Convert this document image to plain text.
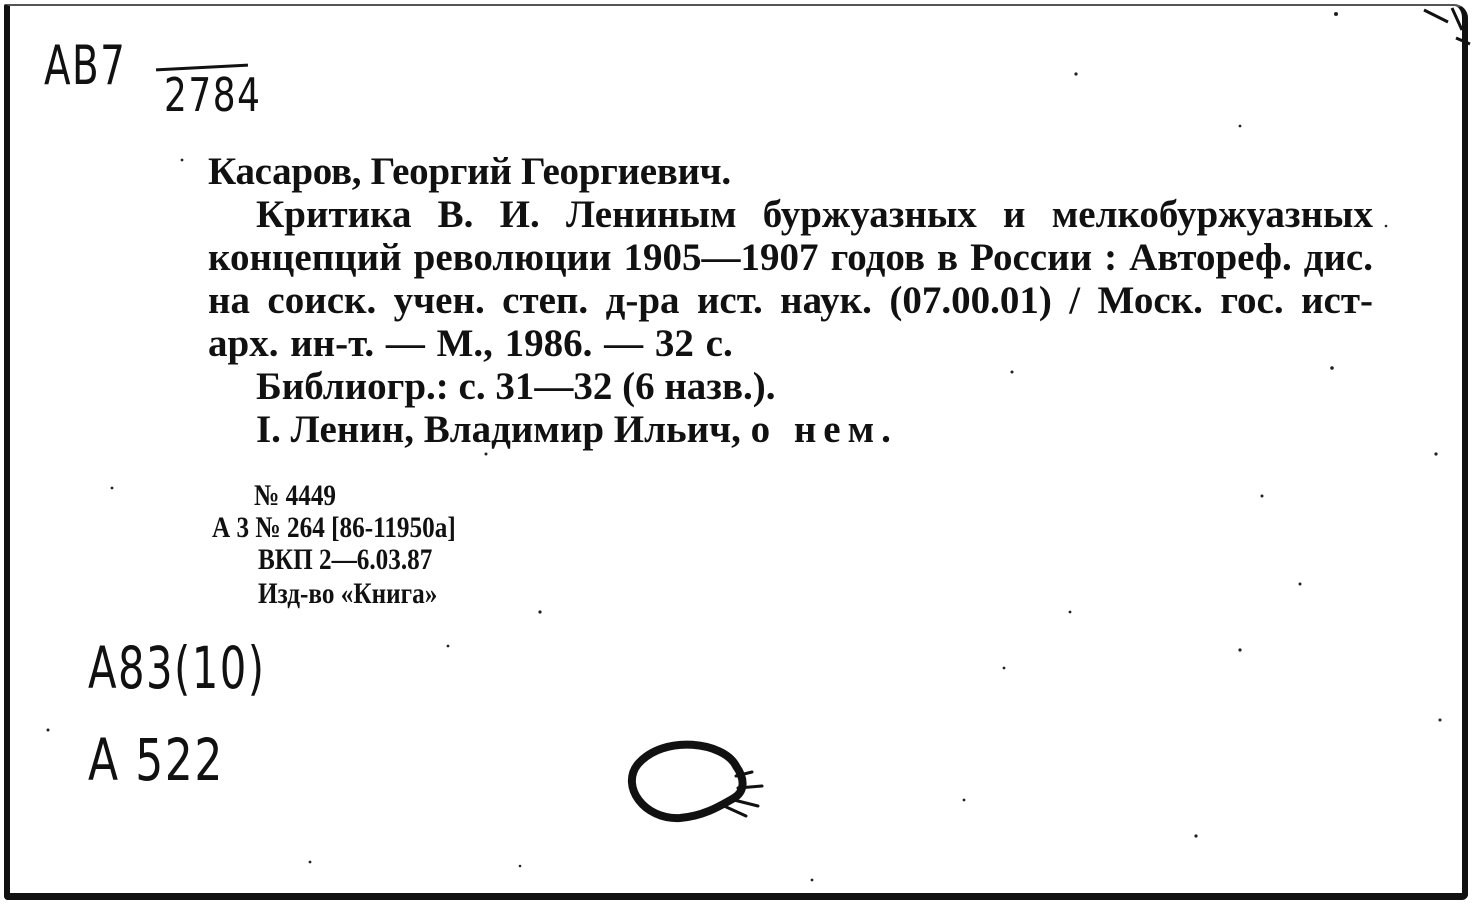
АВ7 2784
Касаров, Георгий Георгиевич.

Критика В. И. Лениным буржуазных и мелкобуржуазных концепций революции 1905—1907 годов в России : Автореф. дис. на соиск. учен. степ. д-ра ист. наук. (07.00.01) / Моск. гос. ист-арх. ин-т. — М., 1986. — 32 с.

Библиогр.: с. 31—32 (6 назв.).
I. Ленин, Владимир Ильич, о нем.
№ 4449
А 3 № 264 [86-11950а]
ВКП 2—6.03.87
Изд-во «Книга»
А83(10)
А 522
